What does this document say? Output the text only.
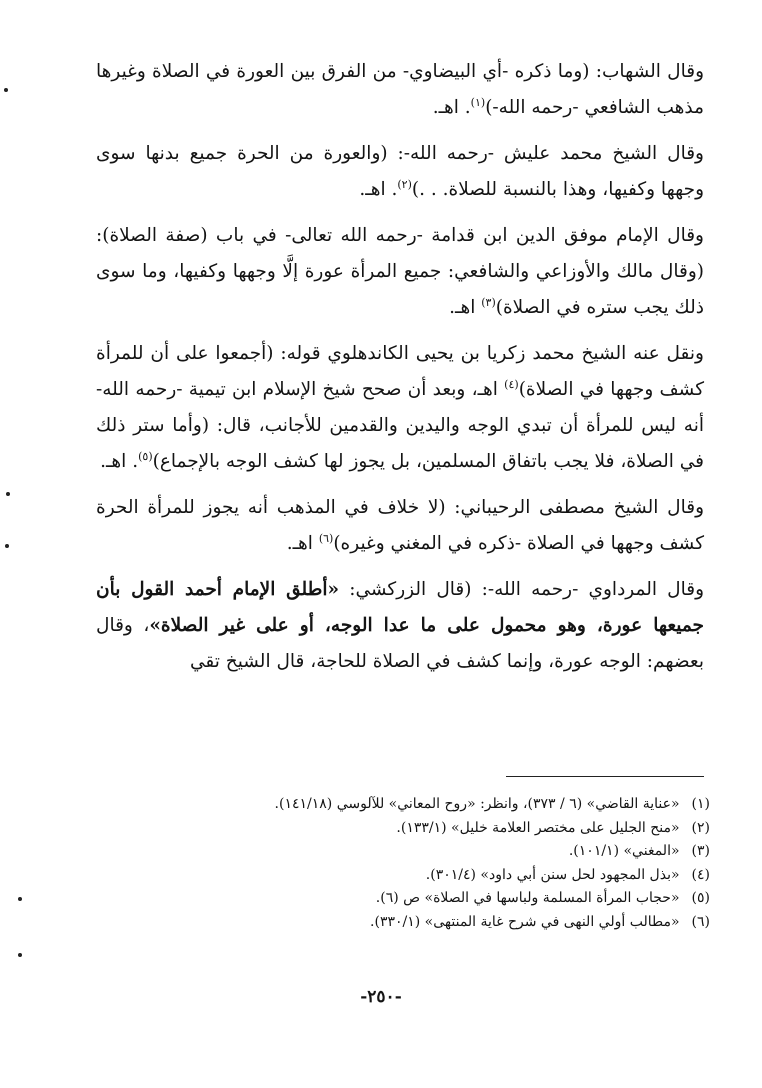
وقال الشهاب: (وما ذكره -أي البيضاوي- من الفرق بين العورة في الصلاة وغيرها مذهب الشافعي -رحمه الله-)$^{(١)}$. اهـ.

وقال الشيخ محمد عليش -رحمه الله-: (والعورة من الحرة جميع بدنها سوى وجهها وكفيها، وهذا بالنسبة للصلاة. . .)$^{(٢)}$. اهـ.

وقال الإمام موفق الدين ابن قدامة -رحمه الله تعالى- في باب (صفة الصلاة): (وقال مالك والأوزاعي والشافعي: جميع المرأة عورة إلَّا وجهها وكفيها، وما سوى ذلك يجب ستره في الصلاة)$^{(٣)}$ اهـ.

ونقل عنه الشيخ محمد زكريا بن يحيى الكاندهلوي قوله: (أجمعوا على أن للمرأة كشف وجهها في الصلاة)$^{(٤)}$ اهـ، وبعد أن صحح شيخ الإسلام ابن تيمية -رحمه الله- أنه ليس للمرأة أن تبدي الوجه واليدين والقدمين للأجانب، قال: (وأما ستر ذلك في الصلاة، فلا يجب باتفاق المسلمين، بل يجوز لها كشف الوجه بالإجماع)$^{(٥)}$. اهـ.

وقال الشيخ مصطفى الرحيباني: (لا خلاف في المذهب أنه يجوز للمرأة الحرة كشف وجهها في الصلاة -ذكره في المغني وغيره)$^{(٦)}$ اهـ.

وقال المرداوي -رحمه الله-: (قال الزركشي: «أطلق الإمام أحمد القول بأن جميعها عورة، وهو محمول على ما عدا الوجه، أو على غير الصلاة»، وقال بعضهم: الوجه عورة، وإنما كشف في الصلاة للحاجة، قال الشيخ تقي

(١)«عناية القاضي» (٦ / ٣٧٣)، وانظر: «روح المعاني» للآلوسي (١٤١/١٨).
(٢)«منح الجليل على مختصر العلامة خليل» (١٣٣/١).
(٣)«المغني» (١٠١/١).
(٤)«بذل المجهود لحل سنن أبي داود» (٣٠١/٤).
(٥)«حجاب المرأة المسلمة ولباسها في الصلاة» ص (٦).
(٦)«مطالب أولي النهى في شرح غاية المنتهى» (٣٣٠/١).
-٢٥٠-
